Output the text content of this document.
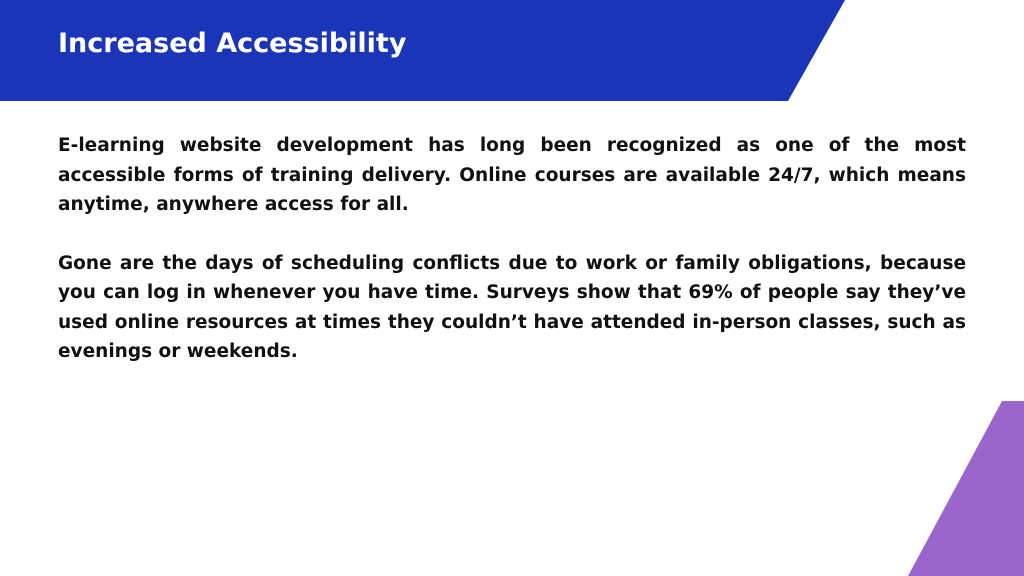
Increased Accessibility

E-learning website development has long been recognized as one of the most accessible forms of training delivery. Online courses are available 24/7, which means anytime, anywhere access for all.

Gone are the days of scheduling conflicts due to work or family obligations, because you can log in whenever you have time. Surveys show that 69% of people say they’ve used online resources at times they couldn’t have attended in-person classes, such as evenings or weekends.
